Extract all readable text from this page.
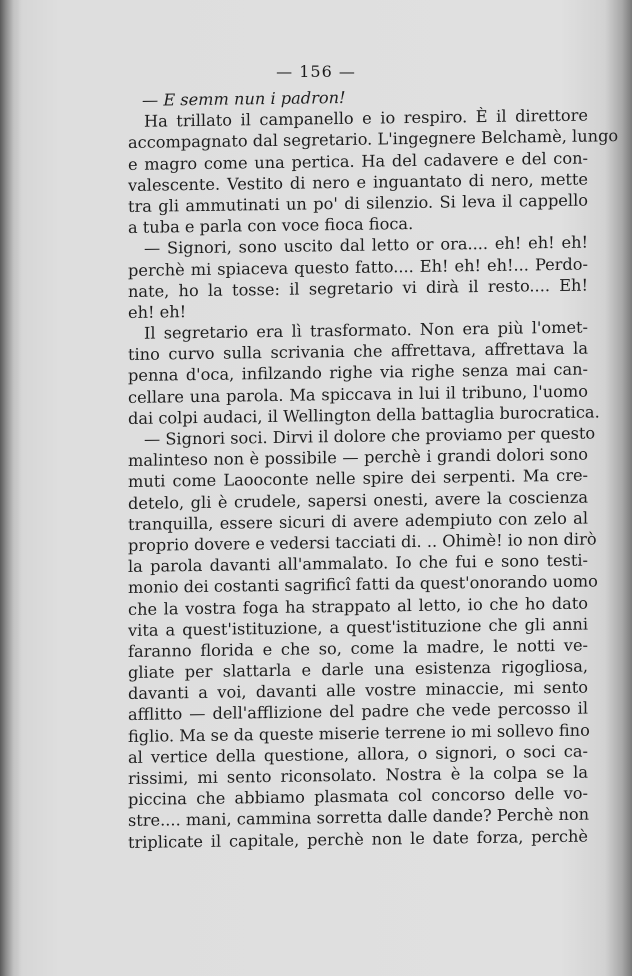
— 156 —
— E semm nun i padron!
Ha trillato il campanello e io respiro. È il direttore
accompagnato dal segretario. L'ingegnere Belchamè, lungo
e magro come una pertica. Ha del cadavere e del con-
valescente. Vestito di nero e inguantato di nero, mette
tra gli ammutinati un po' di silenzio. Si leva il cappello
a tuba e parla con voce fioca fioca.
— Signori, sono uscito dal letto or ora.... eh! eh! eh!
perchè mi spiaceva questo fatto.... Eh! eh! eh!... Perdo-
nate, ho la tosse: il segretario vi dirà il resto.... Eh!
eh! eh!
Il segretario era lì trasformato. Non era più l'omet-
tino curvo sulla scrivania che affrettava, affrettava la
penna d'oca, infilzando righe via righe senza mai can-
cellare una parola. Ma spiccava in lui il tribuno, l'uomo
dai colpi audaci, il Wellington della battaglia burocratica.
— Signori soci. Dirvi il dolore che proviamo per questo
malinteso non è possibile — perchè i grandi dolori sono
muti come Laooconte nelle spire dei serpenti. Ma cre-
detelo, gli è crudele, sapersi onesti, avere la coscienza
tranquilla, essere sicuri di avere adempiuto con zelo al
proprio dovere e vedersi tacciati di. .. Ohimè! io non dirò
la parola davanti all'ammalato. Io che fui e sono testi-
monio dei costanti sagrificî fatti da quest'onorando uomo
che la vostra foga ha strappato al letto, io che ho dato
vita a quest'istituzione, a quest'istituzione che gli anni
faranno florida e che so, come la madre, le notti ve-
gliate per slattarla e darle una esistenza rigogliosa,
davanti a voi, davanti alle vostre minaccie, mi sento
afflitto — dell'afflizione del padre che vede percosso il
figlio. Ma se da queste miserie terrene io mi sollevo fino
al vertice della questione, allora, o signori, o soci ca-
rissimi, mi sento riconsolato. Nostra è la colpa se la
piccina che abbiamo plasmata col concorso delle vo-
stre.... mani, cammina sorretta dalle dande? Perchè non
triplicate il capitale, perchè non le date forza, perchè
